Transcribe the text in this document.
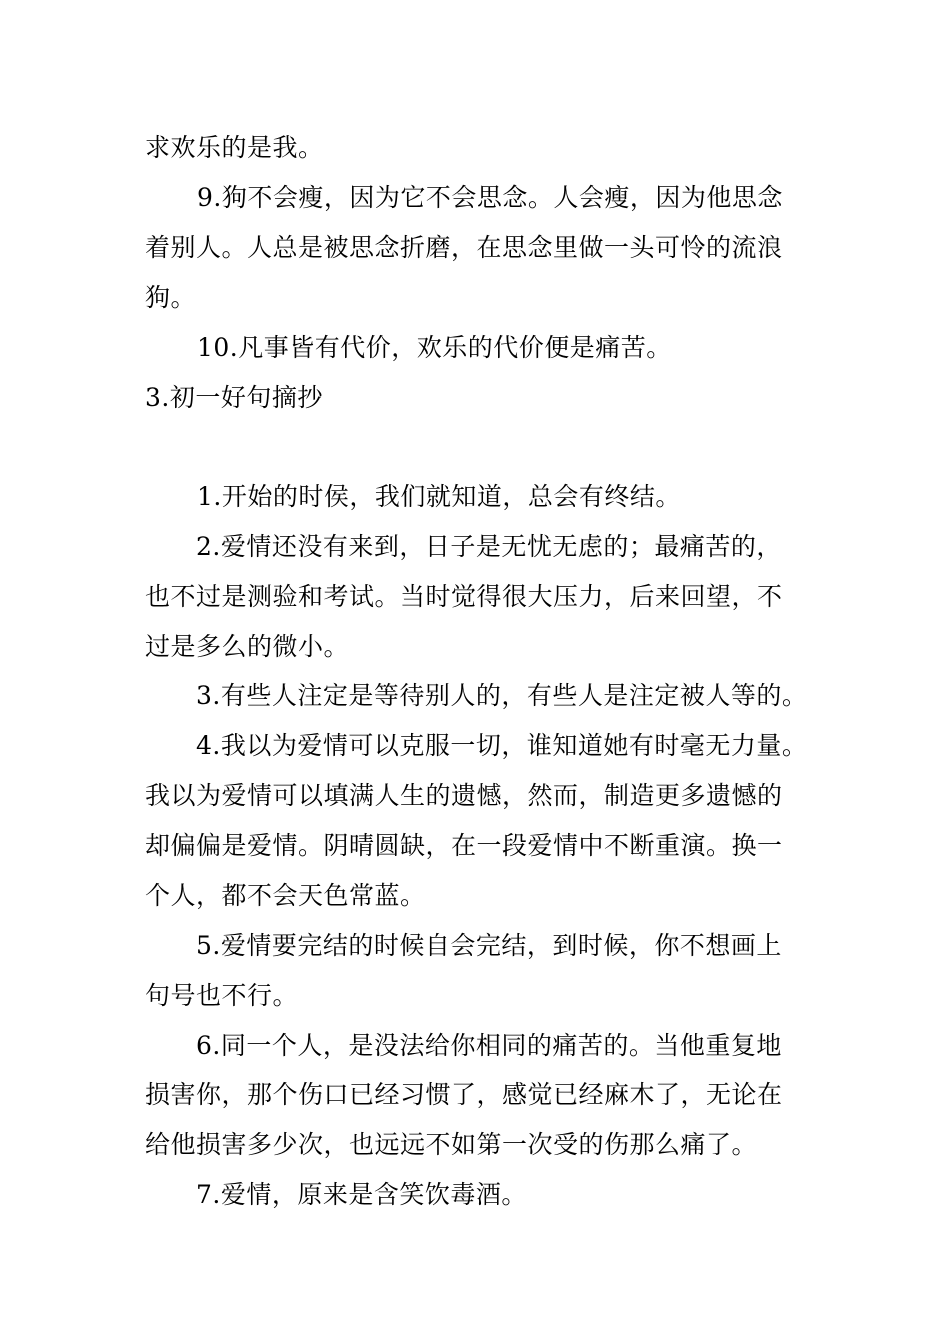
求欢乐的是我。
9.狗不会瘦，因为它不会思念。人会瘦，因为他思念
着别人。人总是被思念折磨，在思念里做一头可怜的流浪
狗。
10.凡事皆有代价，欢乐的代价便是痛苦。
3.初一好句摘抄
1.开始的时侯，我们就知道，总会有终结。
2.爱情还没有来到，日子是无忧无虑的；最痛苦的，
也不过是测验和考试。当时觉得很大压力，后来回望，不
过是多么的微小。
3.有些人注定是等待别人的，有些人是注定被人等的。
4.我以为爱情可以克服一切，谁知道她有时毫无力量。
我以为爱情可以填满人生的遗憾，然而，制造更多遗憾的
却偏偏是爱情。阴晴圆缺，在一段爱情中不断重演。换一
个人，都不会天色常蓝。
5.爱情要完结的时候自会完结，到时候，你不想画上
句号也不行。
6.同一个人，是没法给你相同的痛苦的。当他重复地
损害你，那个伤口已经习惯了，感觉已经麻木了，无论在
给他损害多少次，也远远不如第一次受的伤那么痛了。
7.爱情，原来是含笑饮毒酒。
